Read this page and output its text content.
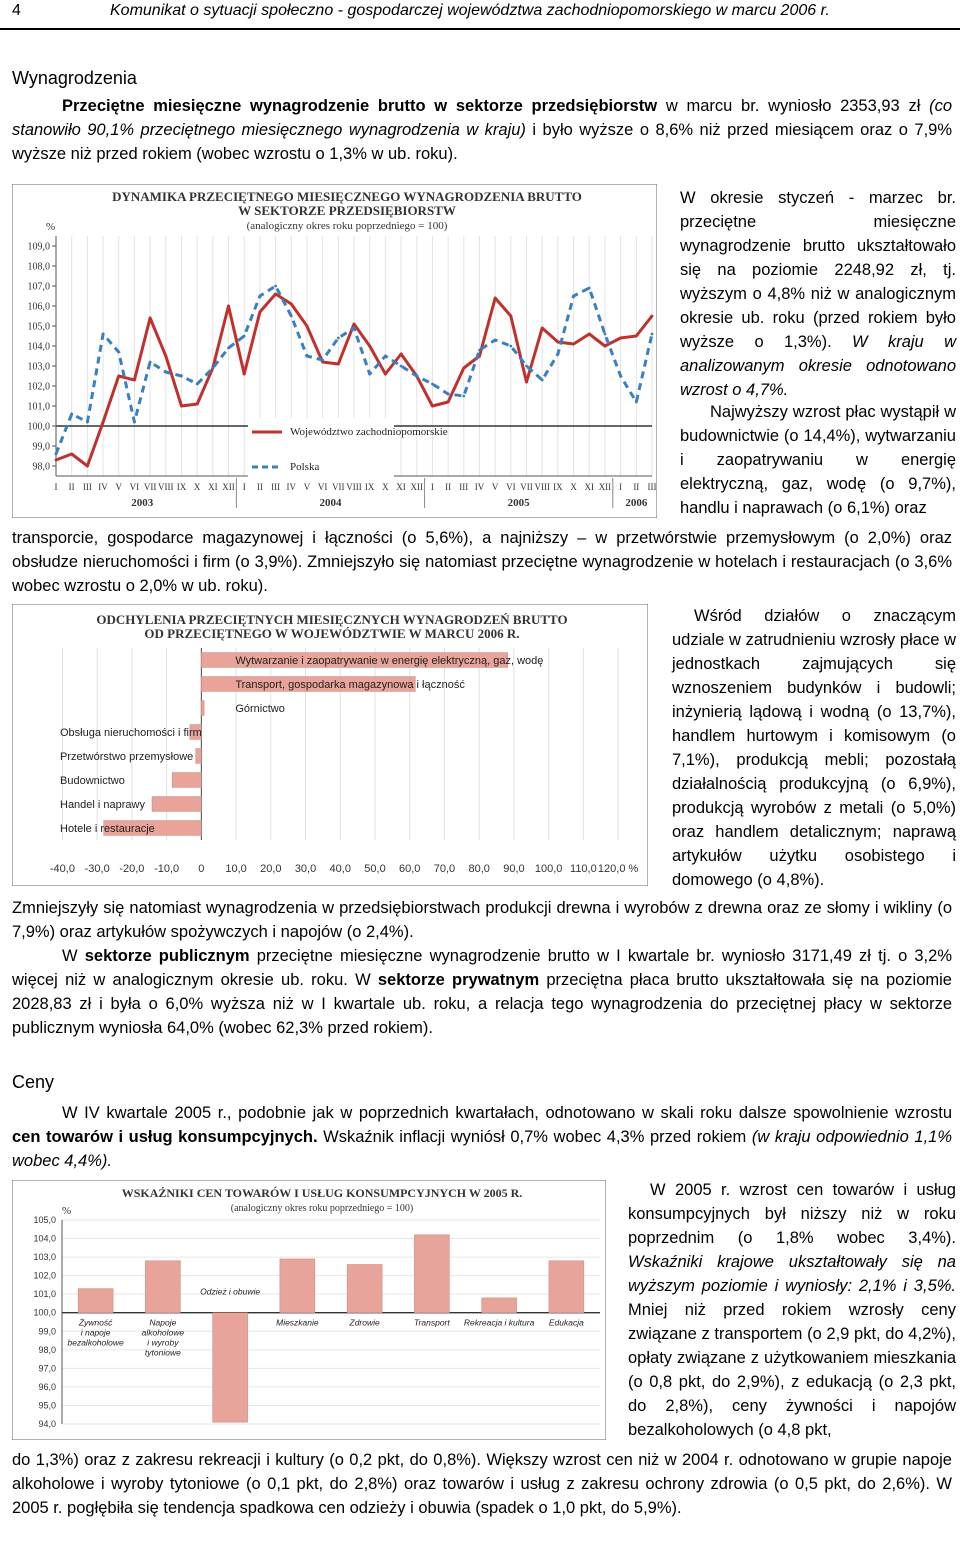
4	Komunikat o sytuacji społeczno - gospodarczej województwa zachodniopomorskiego w marcu 2006 r.
Wynagrodzenia
Przeciętne miesięczne wynagrodzenie brutto w sektorze przedsiębiorstw w marcu br. wyniosło 2353,93 zł (co stanowiło 90,1% przeciętnego miesięcznego wynagrodzenia w kraju) i było wyższe o 8,6% niż przed miesiącem oraz o 7,9% wyższe niż przed rokiem (wobec wzrostu o 1,3% w ub. roku).
DYNAMIKA PRZECIĘTNEGO MIESIĘCZNEGO WYNAGRODZENIA BRUTTO
W SEKTORZE PRZEDSIĘBIORSTW
(analogiczny okres roku poprzedniego = 100)
%
98,0
99,0
100,0
101,0
102,0
103,0
104,0
105,0
106,0
107,0
108,0
109,0
I II III IV V VI VII VIII IX X XI XII I II III IV V VI VII VIII IX X XI XII I II III IV V VI VII VIII IX X XI XII I II III
2003	2004	2005	2006
Województwo zachodniopomorskie
Polska
W okresie styczeń - marzec br. przeciętne miesięczne wynagrodzenie brutto ukształtowało się na poziomie 2248,92 zł, tj. wyższym o 4,8% niż w analogicznym okresie ub. roku (przed rokiem było wyższe o 1,3%). W kraju w analizowanym okresie odnotowano wzrost o 4,7%.
Najwyższy wzrost płac wystąpił w budownictwie (o 14,4%), wytwarzaniu i zaopatrywaniu w energię elektryczną, gaz, wodę (o 9,7%), handlu i naprawach (o 6,1%) oraz
transporcie, gospodarce magazynowej i łączności (o 5,6%), a najniższy – w przetwórstwie przemysłowym (o 2,0%) oraz obsłudze nieruchomości i firm (o 3,9%). Zmniejszyło się natomiast przeciętne wynagrodzenie w hotelach i restauracjach (o 3,6% wobec wzrostu o 2,0% w ub. roku).
ODCHYLENIA PRZECIĘTNYCH MIESIĘCZNYCH WYNAGRODZEŃ BRUTTO
OD PRZECIĘTNEGO W WOJEWÓDZTWIE W MARCU 2006 R.
Wytwarzanie i zaopatrywanie w energię elektryczną, gaz, wodę
Transport, gospodarka magazynowa i łączność
Górnictwo
Obsługa nieruchomości i firm
Przetwórstwo przemysłowe
Budownictwo
Handel i naprawy
Hotele i restauracje
-40,0 -30,0 -20,0 -10,0 0 10,0 20,0 30,0 40,0 50,0 60,0 70,0 80,0 90,0 100,0 110,0 120,0 %
Wśród działów o znaczącym udziale w zatrudnieniu wzrosły płace w jednostkach zajmujących się wznoszeniem budynków i budowli; inżynierią lądową i wodną (o 13,7%), handlem hurtowym i komisowym (o 7,1%), produkcją mebli; pozostałą działalnością produkcyjną (o 6,9%), produkcją wyrobów z metali (o 5,0%) oraz handlem detalicznym; naprawą artykułów użytku osobistego i domowego (o 4,8%).
Zmniejszyły się natomiast wynagrodzenia w przedsiębiorstwach produkcji drewna i wyrobów z drewna oraz ze słomy i wikliny (o 7,9%) oraz artykułów spożywczych i napojów (o 2,4%).
W sektorze publicznym przeciętne miesięczne wynagrodzenie brutto w I kwartale br. wyniosło 3171,49 zł tj. o 3,2% więcej niż w analogicznym okresie ub. roku. W sektorze prywatnym przeciętna płaca brutto ukształtowała się na poziomie 2028,83 zł i była o 6,0% wyższa niż w I kwartale ub. roku, a relacja tego wynagrodzenia do przeciętnej płacy w sektorze publicznym wyniosła 64,0% (wobec 62,3% przed rokiem).
Ceny
W IV kwartale 2005 r., podobnie jak w poprzednich kwartałach, odnotowano w skali roku dalsze spowolnienie wzrostu cen towarów i usług konsumpcyjnych. Wskaźnik inflacji wyniósł 0,7% wobec 4,3% przed rokiem (w kraju odpowiednio 1,1% wobec 4,4%).
WSKAŹNIKI CEN TOWARÓW I USŁUG KONSUMPCYJNYCH W 2005 R.
(analogiczny okres roku poprzedniego = 100)
%
94,0
95,0
96,0
97,0
98,0
99,0
100,0
101,0
102,0
103,0
104,0
105,0
Żywność
i napoje
bezalkoholowe
Napoje
alkoholowe
i wyroby
tytoniowe
Odzież i obuwie
Mieszkanie	Zdrowie	Transport Rekreacja i kultura Edukacja
W 2005 r. wzrost cen towarów i usług konsumpcyjnych był niższy niż w roku poprzednim (o 1,8% wobec 3,4%). Wskaźniki krajowe ukształtowały się na wyższym poziomie i wyniosły: 2,1% i 3,5%. Mniej niż przed rokiem wzrosły ceny związane z transportem (o 2,9 pkt, do 4,2%), opłaty związane z użytkowaniem mieszkania (o 0,8 pkt, do 2,9%), z edukacją (o 2,3 pkt, do 2,8%), ceny żywności i napojów bezalkoholowych (o 4,8 pkt,
do 1,3%) oraz z zakresu rekreacji i kultury (o 0,2 pkt, do 0,8%). Większy wzrost cen niż w 2004 r. odnotowano w grupie napoje alkoholowe i wyroby tytoniowe (o 0,1 pkt, do 2,8%) oraz towarów i usług z zakresu ochrony zdrowia (o 0,5 pkt, do 2,6%). W 2005 r. pogłębiła się tendencja spadkowa cen odzieży i obuwia (spadek o 1,0 pkt, do 5,9%).
